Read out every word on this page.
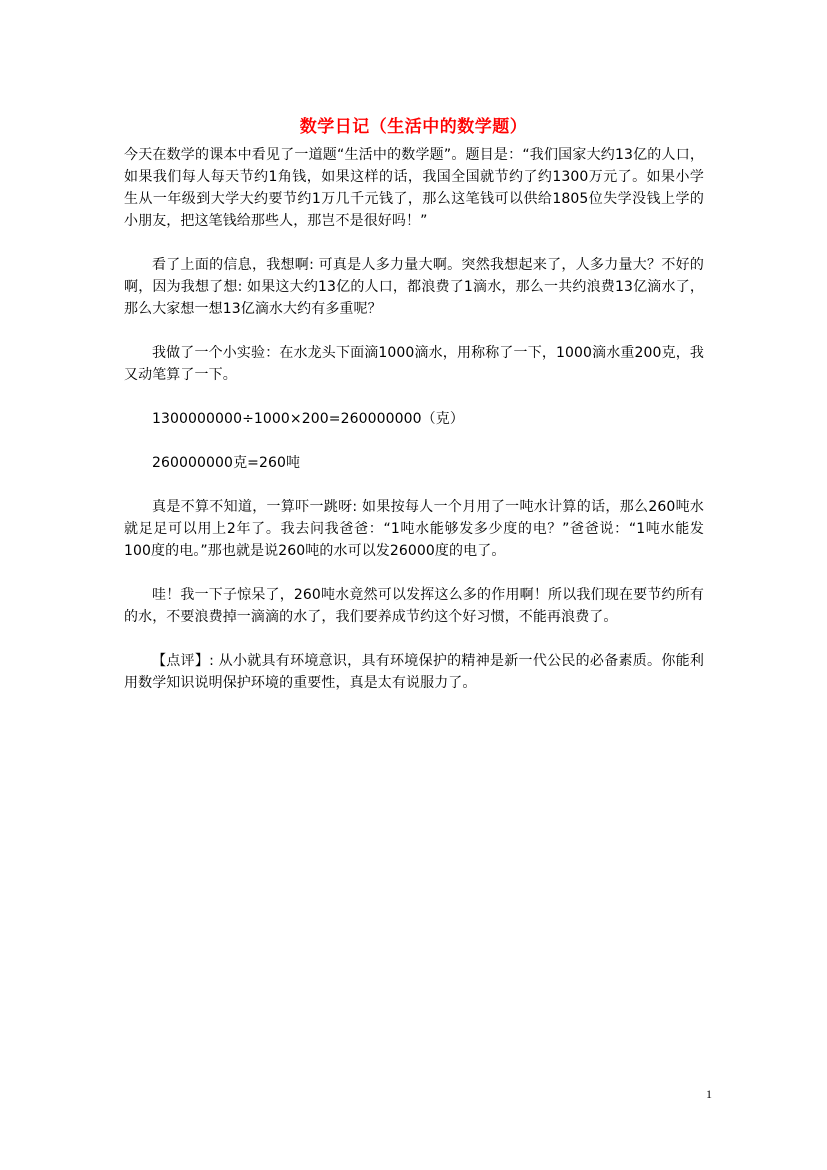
数学日记（生活中的数学题）

今天在数学的课本中看见了一道题“生活中的数学题”。题目是：“我们国家大约13亿的人口，如果我们每人每天节约1角钱，如果这样的话，我国全国就节约了约1300万元了。如果小学生从一年级到大学大约要节约1万几千元钱了，那么这笔钱可以供给1805位失学没钱上学的小朋友，把这笔钱给那些人，那岂不是很好吗！”

看了上面的信息，我想啊: 可真是人多力量大啊。突然我想起来了，人多力量大？不好的啊，因为我想了想: 如果这大约13亿的人口，都浪费了1滴水，那么一共约浪费13亿滴水了，那么大家想一想13亿滴水大约有多重呢？

我做了一个小实验：在水龙头下面滴1000滴水，用称称了一下，1000滴水重200克，我又动笔算了一下。

1300000000÷1000×200=260000000（克）

260000000克=260吨

真是不算不知道，一算吓一跳呀: 如果按每人一个月用了一吨水计算的话，那么260吨水就足足可以用上2年了。我去问我爸爸：“1吨水能够发多少度的电？”爸爸说：“1吨水能发100度的电。”那也就是说260吨的水可以发26000度的电了。

哇！我一下子惊呆了，260吨水竟然可以发挥这么多的作用啊！所以我们现在要节约所有的水，不要浪费掉一滴滴的水了，我们要养成节约这个好习惯，不能再浪费了。

【点评】: 从小就具有环境意识，具有环境保护的精神是新一代公民的必备素质。你能利用数学知识说明保护环境的重要性，真是太有说服力了。

1
